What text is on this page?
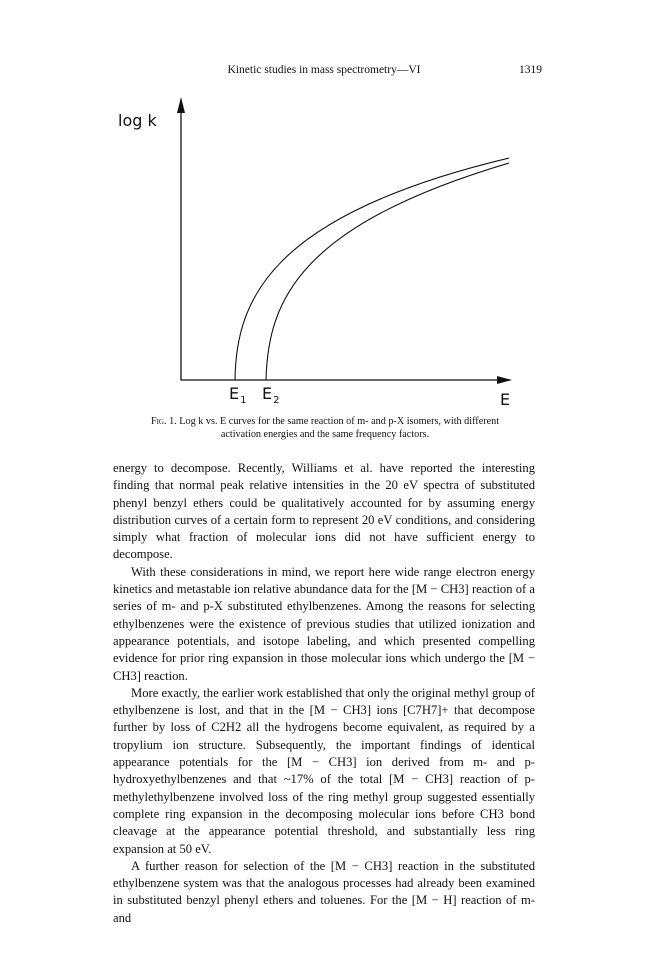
Kinetic studies in mass spectrometry—VI	1319
log k
$E_1$ $E_2$	E
Fig. 1. Log k vs. E curves for the same reaction of m- and p-X isomers, with different activation energies and the same frequency factors.

energy to decompose. Recently, Williams et al. have reported the interesting finding that normal peak relative intensities in the 20 eV spectra of substituted phenyl benzyl ethers could be qualitatively accounted for by assuming energy distribution curves of a certain form to represent 20 eV conditions, and considering simply what fraction of molecular ions did not have sufficient energy to decompose.

With these considerations in mind, we report here wide range electron energy kinetics and metastable ion relative abundance data for the [M − CH3] reaction of a series of m- and p-X substituted ethylbenzenes. Among the reasons for selecting ethylbenzenes were the existence of previous studies that utilized ionization and appearance potentials, and isotope labeling, and which presented compelling evidence for prior ring expansion in those molecular ions which undergo the [M − CH3] reaction.

More exactly, the earlier work established that only the original methyl group of ethylbenzene is lost, and that in the [M − CH3] ions [C7H7]+ that decompose further by loss of C2H2 all the hydrogens become equivalent, as required by a tropylium ion structure. Subsequently, the important findings of identical appearance potentials for the [M − CH3] ion derived from m- and p-hydroxyethylbenzenes and that ~17% of the total [M − CH3] reaction of p-methylethylbenzene involved loss of the ring methyl group suggested essentially complete ring expansion in the decomposing molecular ions before CH3 bond cleavage at the appearance potential threshold, and substantially less ring expansion at 50 eV.

A further reason for selection of the [M − CH3] reaction in the substituted ethylbenzene system was that the analogous processes had already been examined in substituted benzyl phenyl ethers and toluenes. For the [M − H] reaction of m- and
